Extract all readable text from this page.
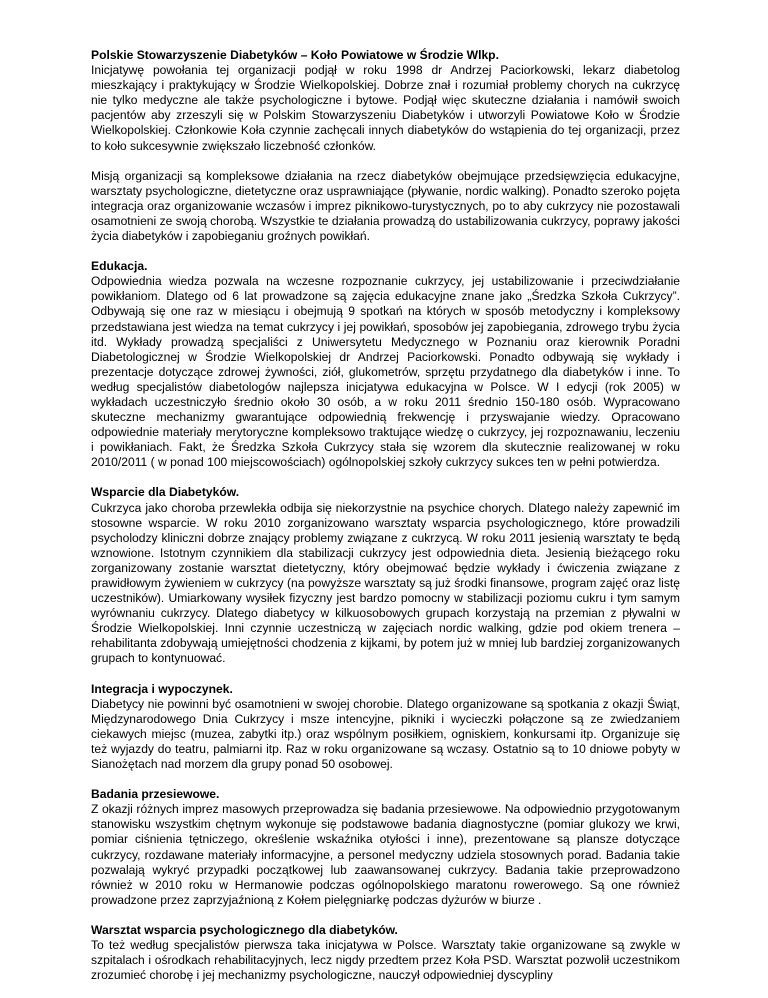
Polskie Stowarzyszenie Diabetyków – Koło Powiatowe w Środzie Wlkp.
Inicjatywę powołania tej organizacji podjął w roku 1998 dr Andrzej Paciorkowski, lekarz diabetolog mieszkający i praktykujący w Środzie Wielkopolskiej. Dobrze znał i rozumiał problemy chorych na cukrzycę nie tylko medyczne ale także psychologiczne i bytowe. Podjął więc skuteczne działania i namówił swoich pacjentów aby zrzeszyli się w Polskim Stowarzyszeniu Diabetyków i utworzyli Powiatowe Koło w Środzie Wielkopolskiej. Członkowie Koła czynnie zachęcali innych diabetyków do wstąpienia do tej organizacji, przez to koło sukcesywnie zwiększało liczebność członków.
Misją organizacji są kompleksowe działania na rzecz diabetyków obejmujące przedsięwzięcia edukacyjne, warsztaty psychologiczne, dietetyczne oraz usprawniające (pływanie, nordic walking). Ponadto szeroko pojęta integracja oraz organizowanie wczasów i imprez piknikowo-turystycznych, po to aby cukrzycy nie pozostawali osamotnieni ze swoją chorobą. Wszystkie te działania prowadzą do ustabilizowania cukrzycy, poprawy jakości życia diabetyków i zapobieganiu groźnych powikłań.
Edukacja.
Odpowiednia wiedza pozwala na wczesne rozpoznanie cukrzycy, jej ustabilizowanie i przeciwdziałanie powikłaniom. Dlatego od 6 lat prowadzone są zajęcia edukacyjne znane jako „Średzka Szkoła Cukrzycy”. Odbywają się one raz w miesiącu i obejmują 9 spotkań na których w sposób metodyczny i kompleksowy przedstawiana jest wiedza na temat cukrzycy i jej powikłań, sposobów jej zapobiegania, zdrowego trybu życia itd. Wykłady prowadzą specjaliści z Uniwersytetu Medycznego w Poznaniu oraz kierownik Poradni Diabetologicznej w Środzie Wielkopolskiej dr Andrzej Paciorkowski. Ponadto odbywają się wykłady i prezentacje dotyczące zdrowej żywności, ziół, glukometrów, sprzętu przydatnego dla diabetyków i inne. To według specjalistów diabetologów najlepsza inicjatywa edukacyjna w Polsce. W I edycji (rok 2005) w wykładach uczestniczyło średnio około 30 osób, a w roku 2011 średnio 150-180 osób. Wypracowano skuteczne mechanizmy gwarantujące odpowiednią frekwencję i przyswajanie wiedzy. Opracowano odpowiednie materiały merytoryczne kompleksowo traktujące wiedzę o cukrzycy, jej rozpoznawaniu, leczeniu i powikłaniach. Fakt, że Średzka Szkoła Cukrzycy stała się wzorem dla skutecznie realizowanej w roku 2010/2011 ( w ponad 100 miejscowościach) ogólnopolskiej szkoły cukrzycy sukces ten w pełni potwierdza.
Wsparcie dla Diabetyków.
Cukrzyca jako choroba przewlekła odbija się niekorzystnie na psychice chorych. Dlatego należy zapewnić im stosowne wsparcie. W roku 2010 zorganizowano warsztaty wsparcia psychologicznego, które prowadzili psycholodzy kliniczni dobrze znający problemy związane z cukrzycą. W roku 2011 jesienią warsztaty te będą wznowione. Istotnym czynnikiem dla stabilizacji cukrzycy jest odpowiednia dieta. Jesienią bieżącego roku zorganizowany zostanie warsztat dietetyczny, który obejmować będzie wykłady i ćwiczenia związane z prawidłowym żywieniem w cukrzycy (na powyższe warsztaty są już środki finansowe, program zajęć oraz listę uczestników). Umiarkowany wysiłek fizyczny jest bardzo pomocny w stabilizacji poziomu cukru i tym samym wyrównaniu cukrzycy. Dlatego diabetycy w kilkuosobowych grupach korzystają na przemian z pływalni w Środzie Wielkopolskiej. Inni czynnie uczestniczą w zajęciach nordic walking, gdzie pod okiem trenera – rehabilitanta zdobywają umiejętności chodzenia z kijkami, by potem już w mniej lub bardziej zorganizowanych grupach to kontynuować.
Integracja i wypoczynek.
Diabetycy nie powinni być osamotnieni w swojej chorobie. Dlatego organizowane są spotkania z okazji Świąt, Międzynarodowego Dnia Cukrzycy i msze intencyjne, pikniki i wycieczki połączone są ze zwiedzaniem ciekawych miejsc (muzea, zabytki itp.) oraz wspólnym posiłkiem, ogniskiem, konkursami itp. Organizuje się też wyjazdy do teatru, palmiarni itp. Raz w roku organizowane są wczasy. Ostatnio są to 10 dniowe pobyty w Sianożętach nad morzem dla grupy ponad 50 osobowej.
Badania przesiewowe.
Z okazji różnych imprez masowych przeprowadza się badania przesiewowe. Na odpowiednio przygotowanym stanowisku wszystkim chętnym wykonuje się podstawowe badania diagnostyczne (pomiar glukozy we krwi, pomiar ciśnienia tętniczego, określenie wskaźnika otyłości i inne), prezentowane są plansze dotyczące cukrzycy, rozdawane materiały informacyjne, a personel medyczny udziela stosownych porad. Badania takie pozwalają wykryć przypadki początkowej lub zaawansowanej cukrzycy. Badania takie przeprowadzono również w 2010 roku w Hermanowie podczas ogólnopolskiego maratonu rowerowego. Są one również prowadzone przez zaprzyjaźnioną z Kołem pielęgniarkę podczas dyżurów w biurze .
Warsztat wsparcia psychologicznego dla diabetyków.
To też według specjalistów pierwsza taka inicjatywa w Polsce. Warsztaty takie organizowane są zwykle w szpitalach i ośrodkach rehabilitacyjnych, lecz nigdy przedtem przez Koła PSD. Warsztat pozwolił uczestnikom zrozumieć chorobę i jej mechanizmy psychologiczne, nauczył odpowiedniej dyscypliny
